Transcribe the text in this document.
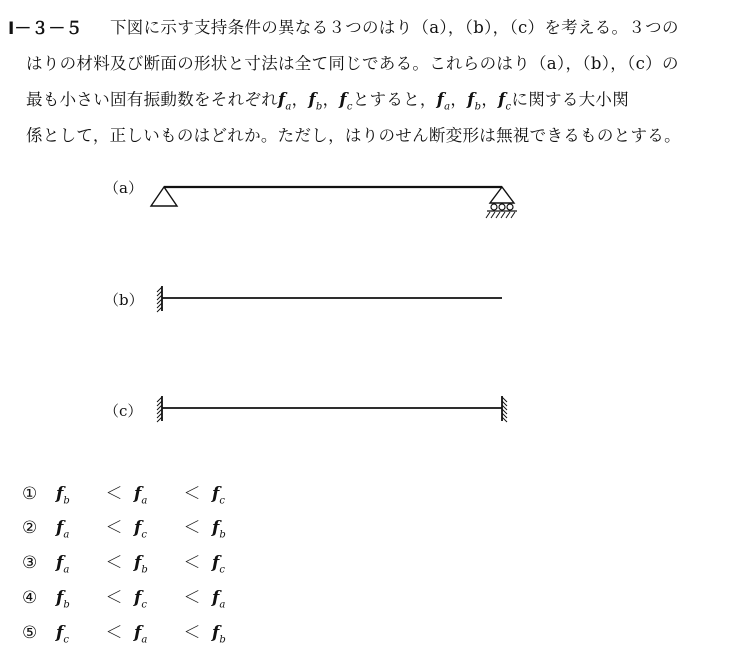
Ⅰ－３－５ 下図に示す支持条件の異なる３つのはり（a），（b），（c）を考える。３つの
はりの材料及び断面の形状と寸法は全て同じである。これらのはり（a），（b），（c）の
最も小さい固有振動数をそれぞれ$f_a$，$f_b$，$f_c$とすると，$f_a$，$f_b$，$f_c$に関する大小関
係として，正しいものはどれか。ただし，はりのせん断変形は無視できるものとする。
（a）
（b）
（c）
① $f_b < f_a < f_c$
② $f_a < f_c < f_b$
③ $f_a < f_b < f_c$
④ $f_b < f_c < f_a$
⑤ $f_c < f_a < f_b$
